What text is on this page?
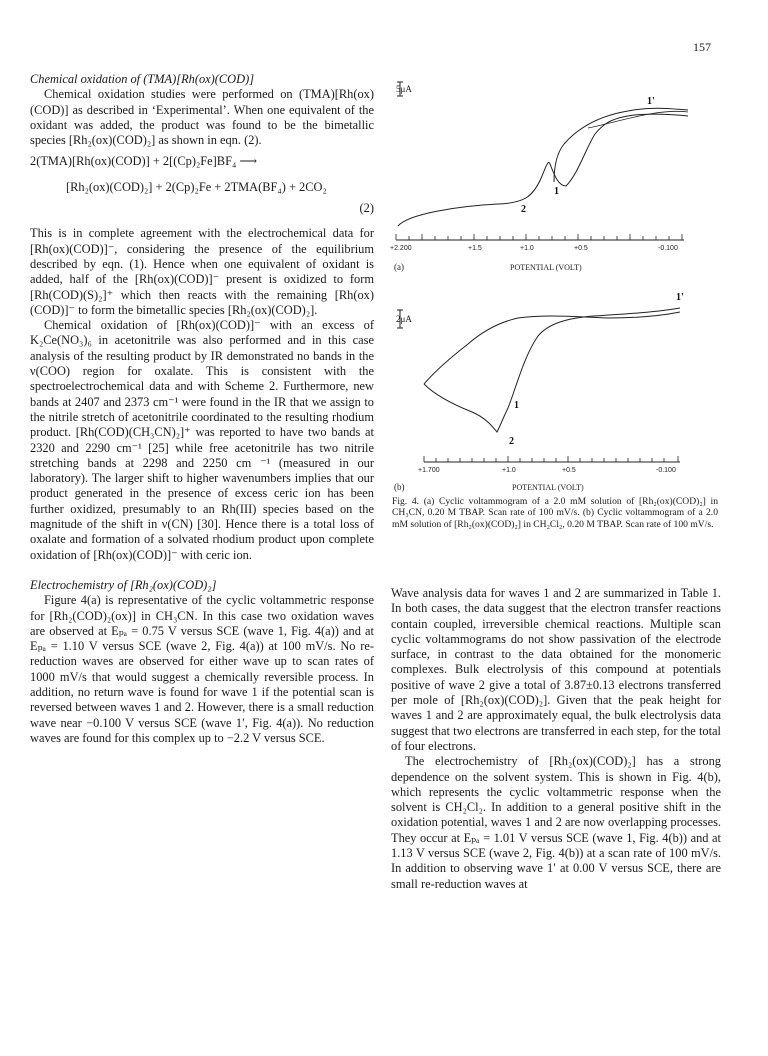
157
Chemical oxidation of (TMA)[Rh(ox)(COD)]

Chemical oxidation studies were performed on (TMA)[Rh(ox)(COD)] as described in ‘Experimental’. When one equivalent of the oxidant was added, the product was found to be the bimetallic species [Rh₂(ox)(COD)₂] as shown in eqn. (2).

2(TMA)[Rh(ox)(COD)] + 2[(Cp)₂Fe]BF₄ ⟶
[Rh₂(ox)(COD)₂] + 2(Cp)₂Fe + 2TMA(BF₄) + 2CO₂
(2)

This is in complete agreement with the electrochemical data for [Rh(ox)(COD)]⁻, considering the presence of the equilibrium described by eqn. (1). Hence when one equivalent of oxidant is added, half of the [Rh(ox)(COD)]⁻ present is oxidized to form [Rh(COD)(S)₂]⁺ which then reacts with the remaining [Rh(ox)(COD)]⁻ to form the bimetallic species [Rh₂(ox)(COD)₂].

Chemical oxidation of [Rh(ox)(COD)]⁻ with an excess of K₂Ce(NO₃)₆ in acetonitrile was also performed and in this case analysis of the resulting product by IR demonstrated no bands in the ν(COO) region for oxalate. This is consistent with the spectroelectrochemical data and with Scheme 2. Furthermore, new bands at 2407 and 2373 cm⁻¹ were found in the IR that we assign to the nitrile stretch of acetonitrile coordinated to the resulting rhodium product. [Rh(COD)(CH₃CN)₂]⁺ was reported to have two bands at 2320 and 2290 cm⁻¹ [25] while free acetonitrile has two nitrile stretching bands at 2298 and 2250 cm ⁻¹ (measured in our laboratory). The larger shift to higher wavenumbers implies that our product generated in the presence of excess ceric ion has been further oxidized, presumably to an Rh(III) species based on the magnitude of the shift in ν(CN) [30]. Hence there is a total loss of oxalate and formation of a solvated rhodium product upon complete oxidation of [Rh(ox)(COD)]⁻ with ceric ion.

Electrochemistry of [Rh₂(ox)(COD)₂]

Figure 4(a) is representative of the cyclic voltammetric response for [Rh₂(COD)₂(ox)] in CH₃CN. In this case two oxidation waves are observed at Eₚₐ = 0.75 V versus SCE (wave 1, Fig. 4(a)) and at Eₚₐ = 1.10 V versus SCE (wave 2, Fig. 4(a)) at 100 mV/s. No re-reduction waves are observed for either wave up to scan rates of 1000 mV/s that would suggest a chemically reversible process. In addition, no return wave is found for wave 1 if the potential scan is reversed between waves 1 and 2. However, there is a small reduction wave near −0.100 V versus SCE (wave 1′, Fig. 4(a)). No reduction waves are found for this complex up to −2.2 V versus SCE.

5μA
1'
1
2
+2.200	+1.5	+1.0	+0.5	-0.100
(a)	POTENTIAL (VOLT)
2μA
1'
1
2
+1.700	+1.0	+0.5	-0.100
(b)	POTENTIAL (VOLT)
Fig. 4. (a) Cyclic voltammogram of a 2.0 mM solution of [Rh₂(ox)(COD)₂] in CH₃CN, 0.20 M TBAP. Scan rate of 100 mV/s. (b) Cyclic voltammogram of a 2.0 mM solution of [Rh₂(ox)(COD)₂] in CH₂Cl₂, 0.20 M TBAP. Scan rate of 100 mV/s.

Wave analysis data for waves 1 and 2 are summarized in Table 1. In both cases, the data suggest that the electron transfer reactions contain coupled, irreversible chemical reactions. Multiple scan cyclic voltammograms do not show passivation of the electrode surface, in contrast to the data obtained for the monomeric complexes. Bulk electrolysis of this compound at potentials positive of wave 2 give a total of 3.87±0.13 electrons transferred per mole of [Rh₂(ox)(COD)₂]. Given that the peak height for waves 1 and 2 are approximately equal, the bulk electrolysis data suggest that two electrons are transferred in each step, for the total of four electrons.

The electrochemistry of [Rh₂(ox)(COD)₂] has a strong dependence on the solvent system. This is shown in Fig. 4(b), which represents the cyclic voltammetric response when the solvent is CH₂Cl₂. In addition to a general positive shift in the oxidation potential, waves 1 and 2 are now overlapping processes. They occur at Eₚₐ = 1.01 V versus SCE (wave 1, Fig. 4(b)) and at 1.13 V versus SCE (wave 2, Fig. 4(b)) at a scan rate of 100 mV/s. In addition to observing wave 1′ at 0.00 V versus SCE, there are small re-reduction waves at
